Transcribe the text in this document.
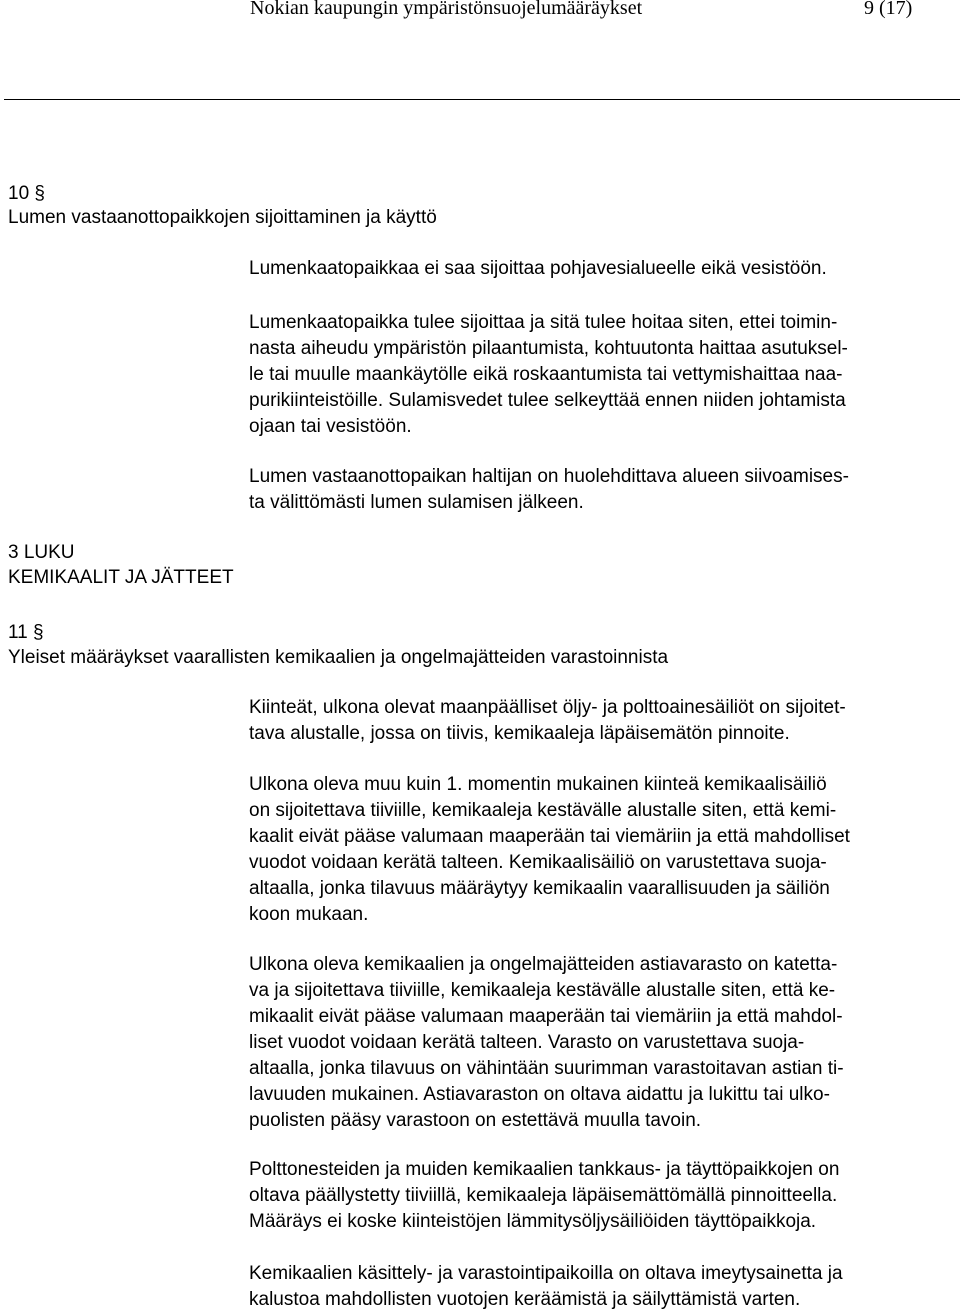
Nokian kaupungin ympäristönsuojelumääräykset	9 (17)
10 §
Lumen vastaanottopaikkojen sijoittaminen ja käyttö
Lumenkaatopaikkaa ei saa sijoittaa pohjavesialueelle eikä vesistöön.
Lumenkaatopaikka tulee sijoittaa ja sitä tulee hoitaa siten, ettei toimin-
nasta aiheudu ympäristön pilaantumista, kohtuutonta haittaa asutuksel-
le tai muulle maankäytölle eikä roskaantumista tai vettymishaittaa naa-
purikiinteistöille. Sulamisvedet tulee selkeyttää ennen niiden johtamista
ojaan tai vesistöön.
Lumen vastaanottopaikan haltijan on huolehdittava alueen siivoamises-
ta välittömästi lumen sulamisen jälkeen.
3 LUKU
KEMIKAALIT JA JÄTTEET
11 §
Yleiset määräykset vaarallisten kemikaalien ja ongelmajätteiden varastoinnista
Kiinteät, ulkona olevat maanpäälliset öljy- ja polttoainesäiliöt on sijoitet-
tava alustalle, jossa on tiivis, kemikaaleja läpäisemätön pinnoite.
Ulkona oleva muu kuin 1. momentin mukainen kiinteä kemikaalisäiliö
on sijoitettava tiiviille, kemikaaleja kestävälle alustalle siten, että kemi-
kaalit eivät pääse valumaan maaperään tai viemäriin ja että mahdolliset
vuodot voidaan kerätä talteen. Kemikaalisäiliö on varustettava suoja-
altaalla, jonka tilavuus määräytyy kemikaalin vaarallisuuden ja säiliön
koon mukaan.
Ulkona oleva kemikaalien ja ongelmajätteiden astiavarasto on katetta-
va ja sijoitettava tiiviille, kemikaaleja kestävälle alustalle siten, että ke-
mikaalit eivät pääse valumaan maaperään tai viemäriin ja että mahdol-
liset vuodot voidaan kerätä talteen. Varasto on varustettava suoja-
altaalla, jonka tilavuus on vähintään suurimman varastoitavan astian ti-
lavuuden mukainen. Astiavaraston on oltava aidattu ja lukittu tai ulko-
puolisten pääsy varastoon on estettävä muulla tavoin.
Polttonesteiden ja muiden kemikaalien tankkaus- ja täyttöpaikkojen on
oltava päällystetty tiiviillä, kemikaaleja läpäisemättömällä pinnoitteella.
Määräys ei koske kiinteistöjen lämmitysöljysäiliöiden täyttöpaikkoja.
Kemikaalien käsittely- ja varastointipaikoilla on oltava imeytysainetta ja
kalustoa mahdollisten vuotojen keräämistä ja säilyttämistä varten.
